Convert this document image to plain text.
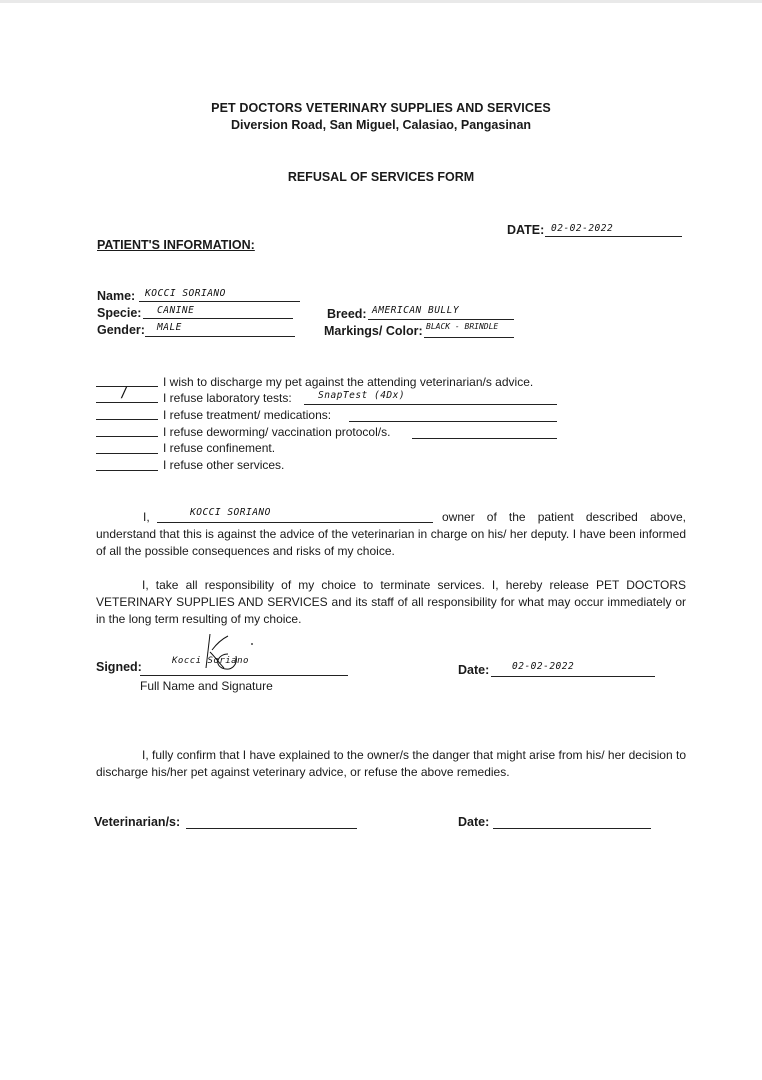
PET DOCTORS VETERINARY SUPPLIES AND SERVICES
Diversion Road, San Miguel, Calasiao, Pangasinan
REFUSAL OF SERVICES FORM
DATE: 02-02-2022
PATIENT'S INFORMATION:
Name: KOCCI SORIANO
Specie: CANINE
Gender: MALE
Breed: AMERICAN BULLY
Markings/ Color: BLACK - BRINDLE
I wish to discharge my pet against the attending veterinarian/s advice.
/	I refuse laboratory tests:	SnapTest (4Dx)
I refuse treatment/ medications:
I refuse deworming/ vaccination protocol/s.
I refuse confinement.
I refuse other services.
I,	KOCCI SORIANO	owner of the patient described above,
understand that this is against the advice of the veterinarian in charge on his/ her deputy. I have been informed of all the possible consequences and risks of my choice.
I, take all responsibility of my choice to terminate services. I, hereby release PET DOCTORS VETERINARY SUPPLIES AND SERVICES and its staff of all responsibility for what may occur immediately or in the long term resulting of my choice.
Signed:	Kocci Soriano
Full Name and Signature
Date: 02-02-2022
I, fully confirm that I have explained to the owner/s the danger that might arise from his/ her decision to discharge his/her pet against veterinary advice, or refuse the above remedies.
Veterinarian/s:	Date:
